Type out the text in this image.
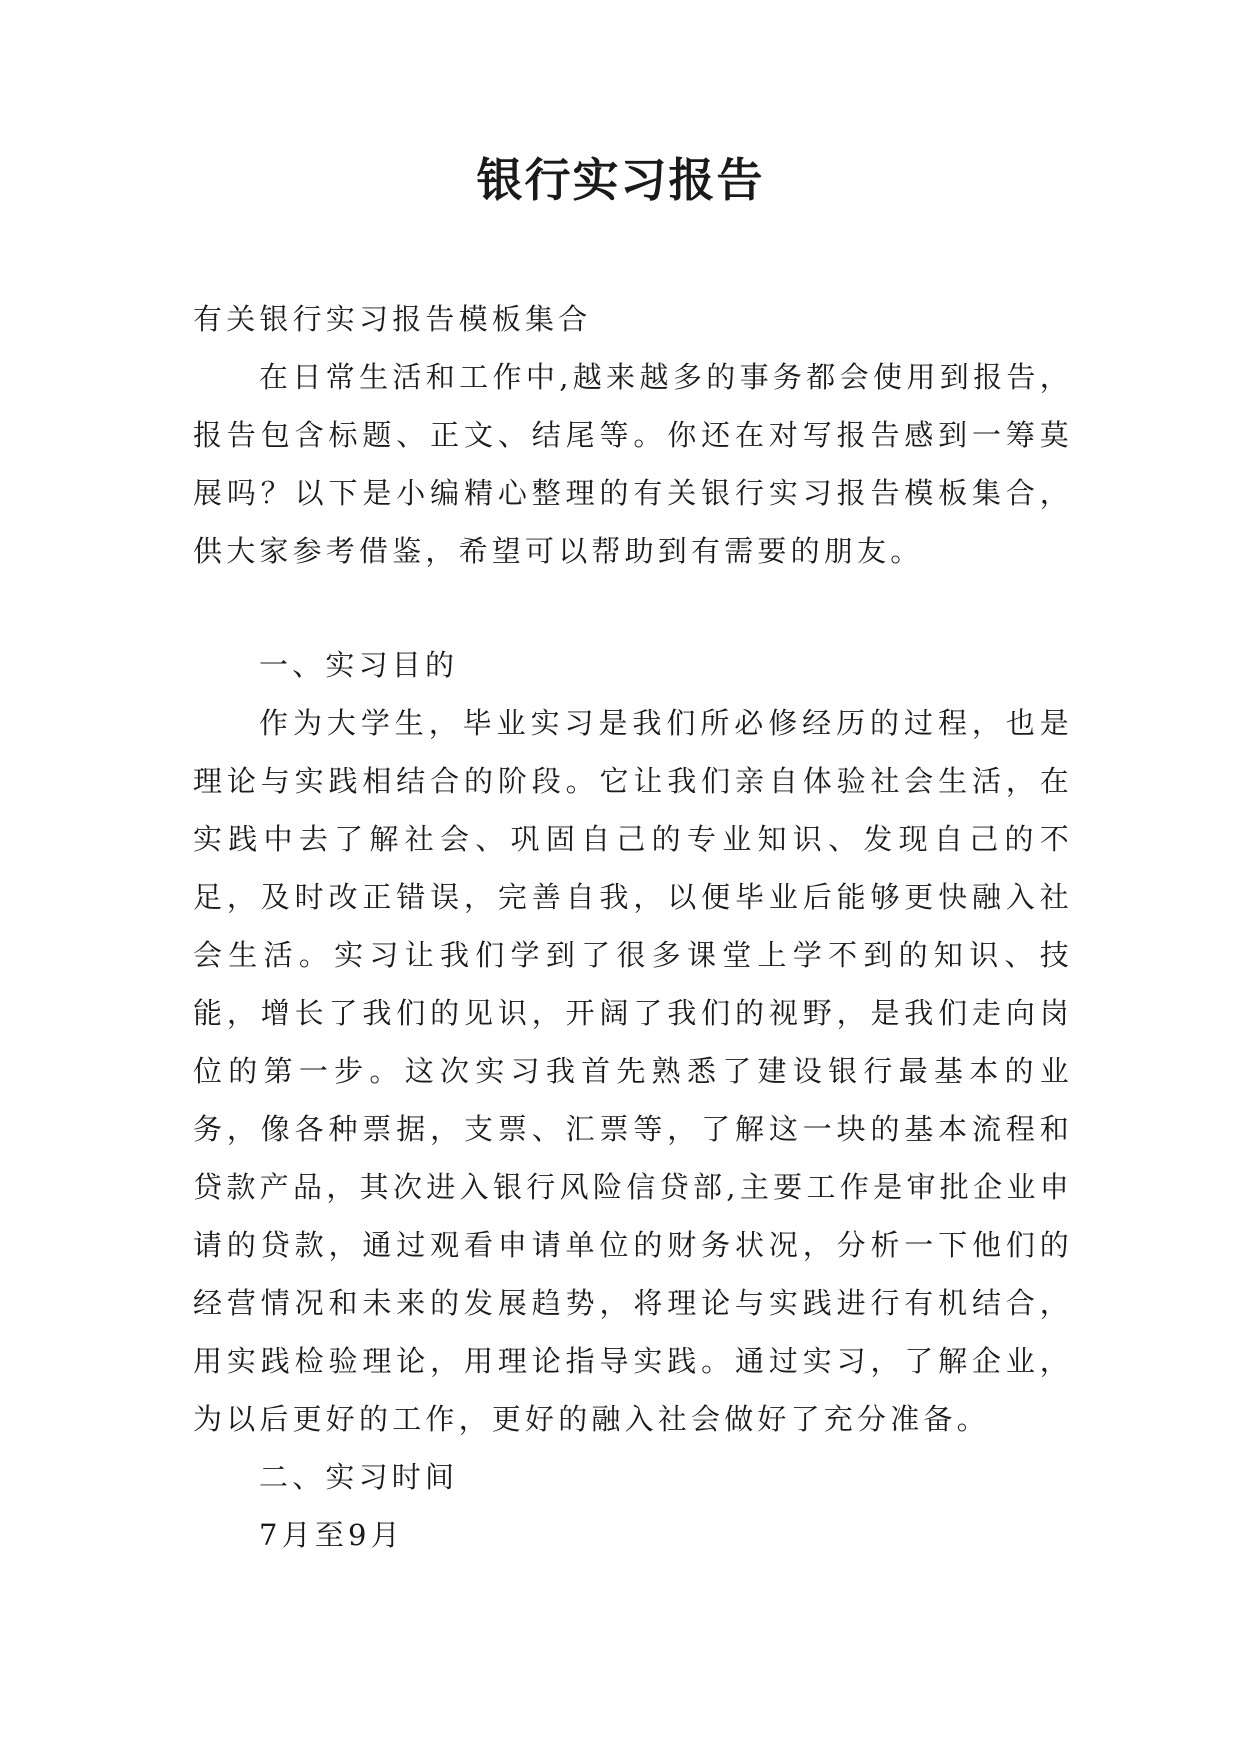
银行实习报告

有关银行实习报告模板集合

在日常生活和工作中,越来越多的事务都会使用到报告，报告包含标题、正文、结尾等。你还在对写报告感到一筹莫展吗？以下是小编精心整理的有关银行实习报告模板集合，供大家参考借鉴，希望可以帮助到有需要的朋友。

一、实习目的

作为大学生，毕业实习是我们所必修经历的过程，也是理论与实践相结合的阶段。它让我们亲自体验社会生活，在实践中去了解社会、巩固自己的专业知识、发现自己的不足，及时改正错误，完善自我，以便毕业后能够更快融入社会生活。实习让我们学到了很多课堂上学不到的知识、技能，增长了我们的见识，开阔了我们的视野，是我们走向岗位的第一步。这次实习我首先熟悉了建设银行最基本的业务，像各种票据，支票、汇票等，了解这一块的基本流程和贷款产品，其次进入银行风险信贷部,主要工作是审批企业申请的贷款，通过观看申请单位的财务状况，分析一下他们的经营情况和未来的发展趋势，将理论与实践进行有机结合，用实践检验理论，用理论指导实践。通过实习，了解企业，为以后更好的工作，更好的融入社会做好了充分准备。

二、实习时间

7月至9月
